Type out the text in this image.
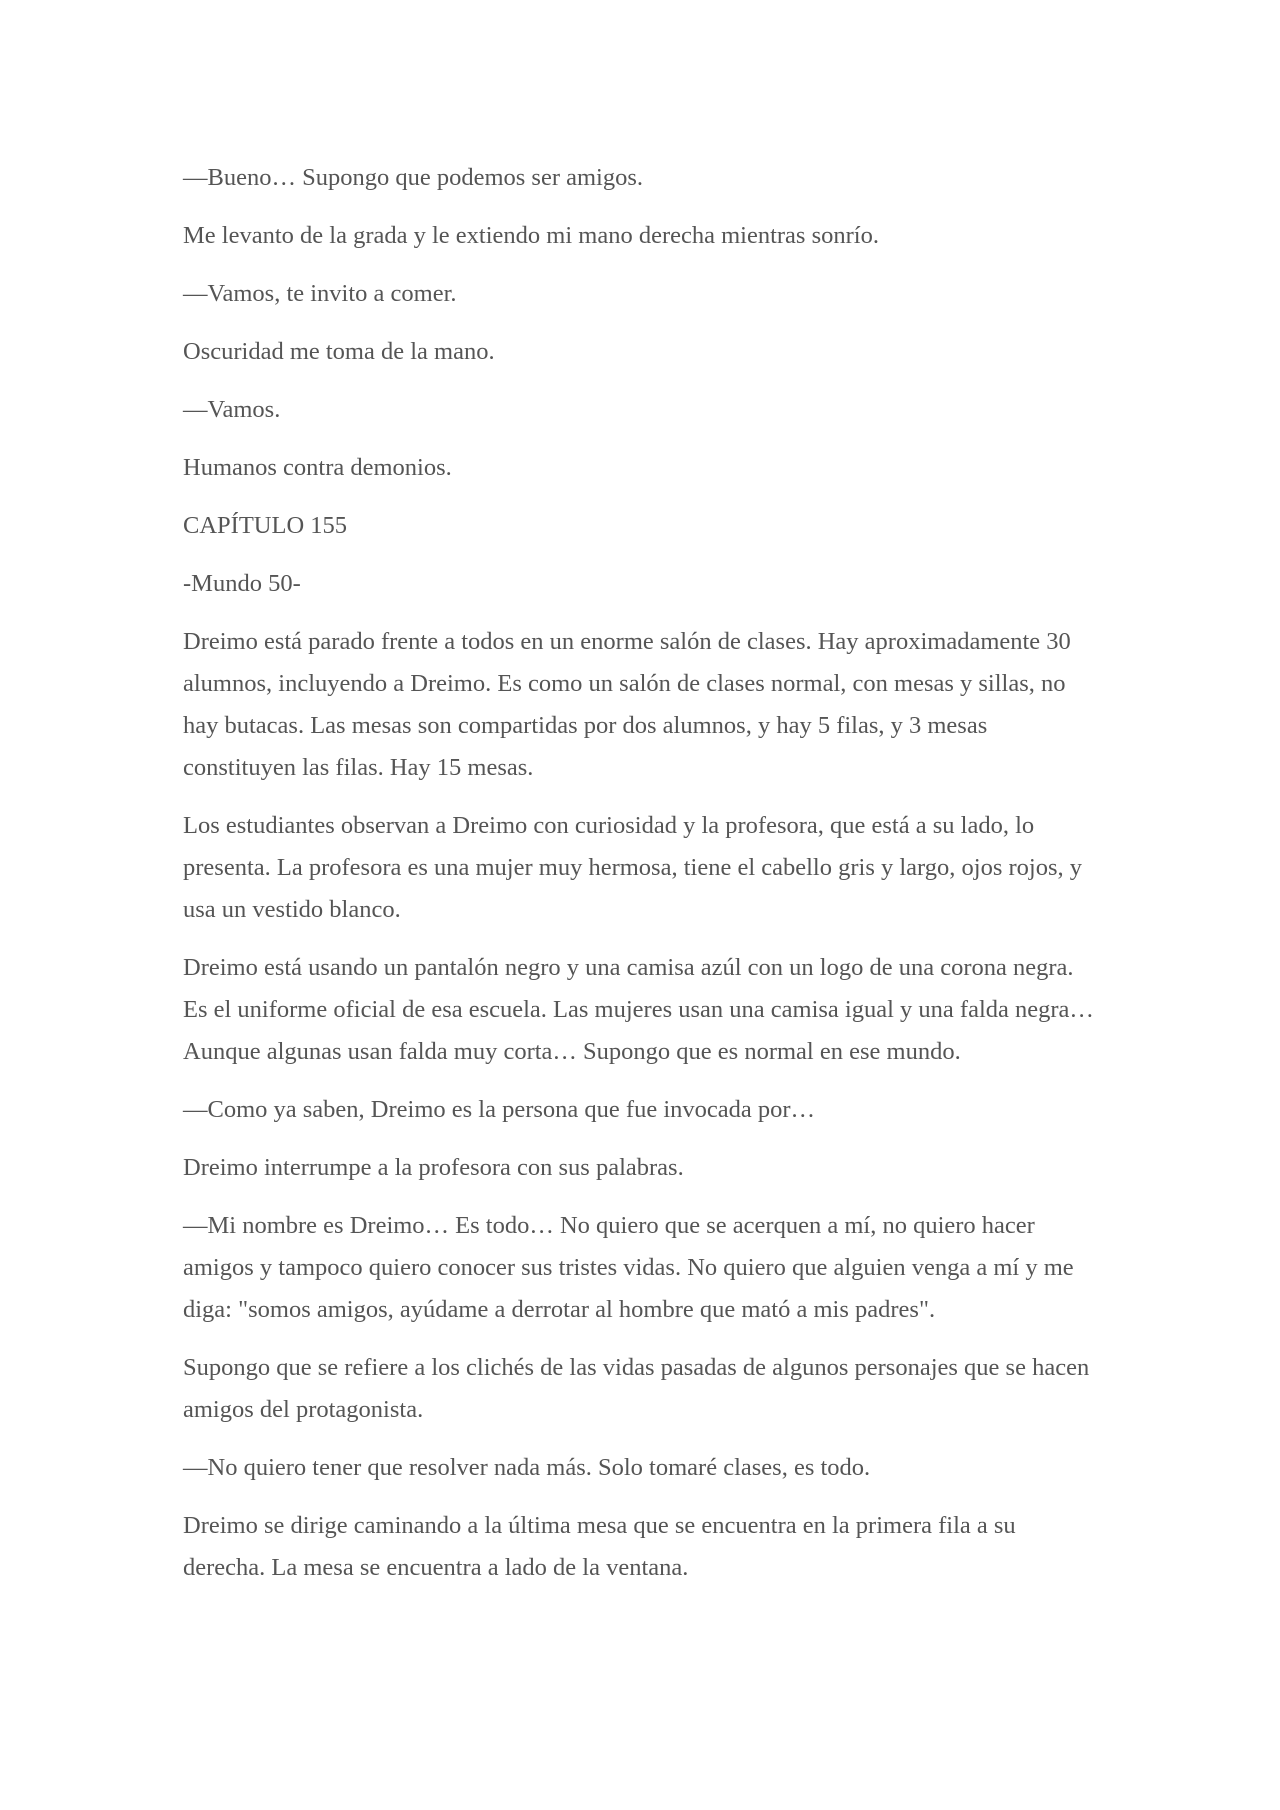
—Bueno… Supongo que podemos ser amigos.

Me levanto de la grada y le extiendo mi mano derecha mientras sonrío.

—Vamos, te invito a comer.

Oscuridad me toma de la mano.

—Vamos.

Humanos contra demonios.

CAPÍTULO 155

-Mundo 50-

Dreimo está parado frente a todos en un enorme salón de clases. Hay aproximadamente 30 alumnos, incluyendo a Dreimo. Es como un salón de clases normal, con mesas y sillas, no hay butacas. Las mesas son compartidas por dos alumnos, y hay 5 filas, y 3 mesas constituyen las filas. Hay 15 mesas.

Los estudiantes observan a Dreimo con curiosidad y la profesora, que está a su lado, lo presenta. La profesora es una mujer muy hermosa, tiene el cabello gris y largo, ojos rojos, y usa un vestido blanco.

Dreimo está usando un pantalón negro y una camisa azúl con un logo de una corona negra. Es el uniforme oficial de esa escuela. Las mujeres usan una camisa igual y una falda negra… Aunque algunas usan falda muy corta… Supongo que es normal en ese mundo.

—Como ya saben, Dreimo es la persona que fue invocada por…

Dreimo interrumpe a la profesora con sus palabras.

—Mi nombre es Dreimo… Es todo… No quiero que se acerquen a mí, no quiero hacer amigos y tampoco quiero conocer sus tristes vidas. No quiero que alguien venga a mí y me diga: "somos amigos, ayúdame a derrotar al hombre que mató a mis padres".

Supongo que se refiere a los clichés de las vidas pasadas de algunos personajes que se hacen amigos del protagonista.

—No quiero tener que resolver nada más. Solo tomaré clases, es todo.

Dreimo se dirige caminando a la última mesa que se encuentra en la primera fila a su derecha. La mesa se encuentra a lado de la ventana.
